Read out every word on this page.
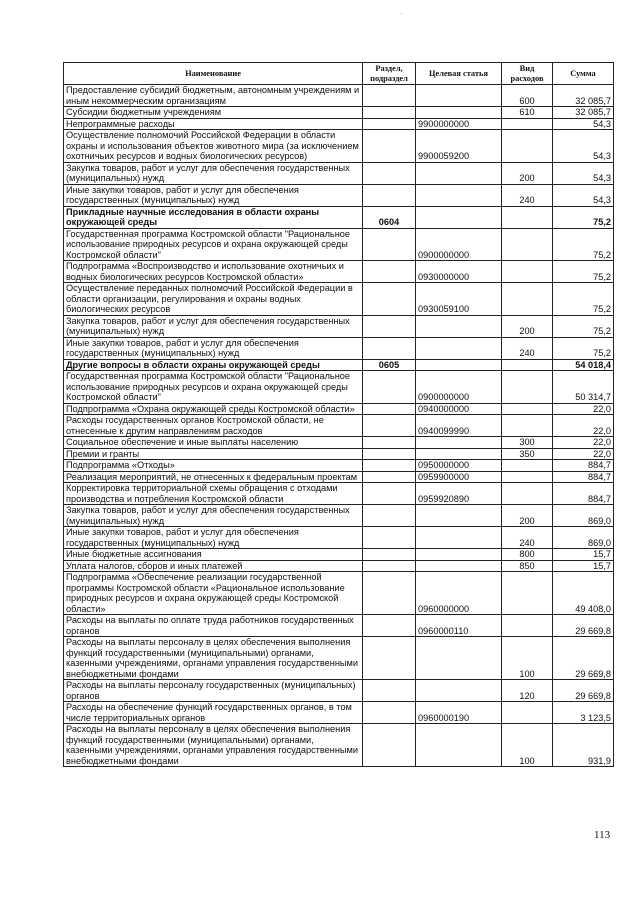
·
Наименование	Раздел, подраздел	Целевая статья	Вид расходов	Сумма
Предоставление субсидий бюджетным, автономным учреждениям и иным некоммерческим организациям			600	32 085,7
Субсидии бюджетным учреждениям			610	32 085,7
Непрограммные расходы		9900000000		54,3
Осуществление полномочий Российской Федерации в области охраны и использования объектов животного мира (за исключением охотничьих ресурсов и водных биологических ресурсов)		9900059200		54,3
Закупка товаров, работ и услуг для обеспечения государственных (муниципальных) нужд			200	54,3
Иные закупки товаров, работ и услуг для обеспечения государственных (муниципальных) нужд			240	54,3
Прикладные научные исследования в области охраны окружающей среды	0604			75,2
Государственная программа Костромской области "Рациональное использование природных ресурсов и охрана окружающей среды Костромской области"		0900000000		75,2
Подпрограмма «Воспроизводство и использование охотничьих и водных биологических ресурсов Костромской области»		0930000000		75,2
Осуществление переданных полномочий Российской Федерации в области организации, регулирования и охраны водных биологических ресурсов		0930059100		75,2
Закупка товаров, работ и услуг для обеспечения государственных (муниципальных) нужд			200	75,2
Иные закупки товаров, работ и услуг для обеспечения государственных (муниципальных) нужд			240	75,2
Другие вопросы в области охраны окружающей среды	0605			54 018,4
Государственная программа Костромской области "Рациональное использование природных ресурсов и охрана окружающей среды Костромской области"		0900000000		50 314,7
Подпрограмма «Охрана окружающей среды Костромской области»		0940000000		22,0
Расходы государственных органов Костромской области, не отнесенные к другим направлениям расходов		0940099990		22,0
Социальное обеспечение и иные выплаты населению			300	22,0
Премии и гранты			350	22,0
Подпрограмма «Отходы»		0950000000		884,7
Реализация мероприятий, не отнесенных к федеральным проектам		0959900000		884,7
Корректировка территориальной схемы обращения с отходами производства и потребления Костромской области		0959920890		884,7
Закупка товаров, работ и услуг для обеспечения государственных (муниципальных) нужд			200	869,0
Иные закупки товаров, работ и услуг для обеспечения государственных (муниципальных) нужд			240	869,0
Иные бюджетные ассигнования			800	15,7
Уплата налогов, сборов и иных платежей			850	15,7
Подпрограмма «Обеспечение реализации государственной программы Костромской области «Рациональное использование природных ресурсов и охрана окружающей среды Костромской области»		0960000000		49 408,0
Расходы на выплаты по оплате труда работников государственных органов		0960000110		29 669,8
Расходы на выплаты персоналу в целях обеспечения выполнения функций государственными (муниципальными) органами, казенными учреждениями, органами управления государственными внебюджетными фондами			100	29 669,8
Расходы на выплаты персоналу государственных (муниципальных) органов			120	29 669,8
Расходы на обеспечение функций государственных органов, в том числе территориальных органов		0960000190		3 123,5
Расходы на выплаты персоналу в целях обеспечения выполнения функций государственными (муниципальными) органами, казенными учреждениями, органами управления государственными внебюджетными фондами			100	931,9
113
